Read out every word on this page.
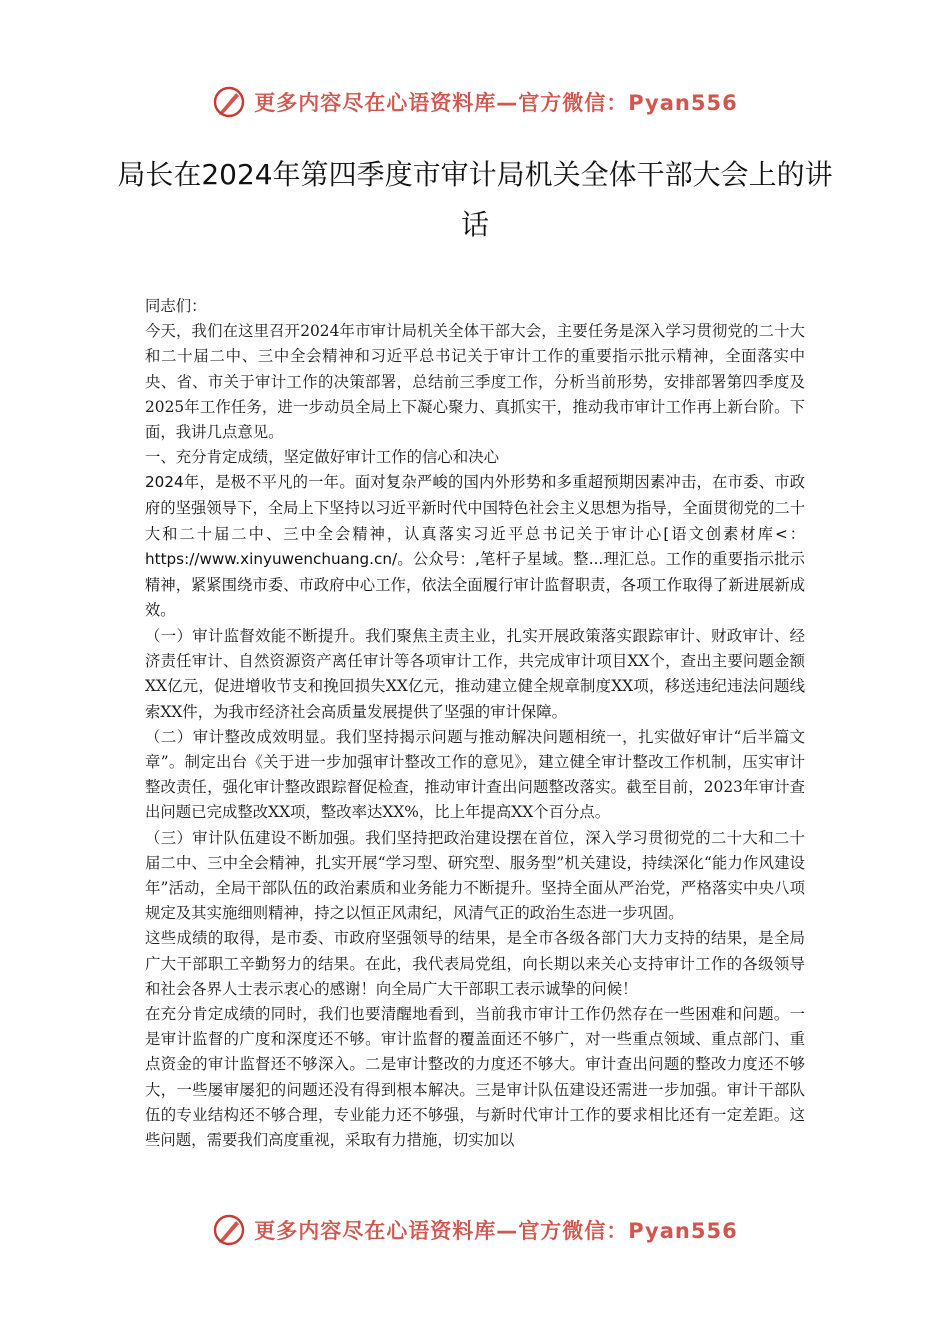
更多内容尽在心语资料库—官方微信：Pyan556
局长在2024年第四季度市审计局机关全体干部大会上的讲话

同志们：

今天，我们在这里召开2024年市审计局机关全体干部大会，主要任务是深入学习贯彻党的二十大和二十届二中、三中全会精神和习近平总书记关于审计工作的重要指示批示精神，全面落实中央、省、市关于审计工作的决策部署，总结前三季度工作，分析当前形势，安排部署第四季度及2025年工作任务，进一步动员全局上下凝心聚力、真抓实干，推动我市审计工作再上新台阶。下面，我讲几点意见。

一、充分肯定成绩，坚定做好审计工作的信心和决心

2024年，是极不平凡的一年。面对复杂严峻的国内外形势和多重超预期因素冲击，在市委、市政府的坚强领导下，全局上下坚持以习近平新时代中国特色社会主义思想为指导，全面贯彻党的二十大和二十届二中、三中全会精神，认真落实习近平总书记关于审计心[语文创素材库<：https://www.xinyuwenchuang.cn/。公众号：,笔杆子星域。整...理汇总。工作的重要指示批示精神，紧紧围绕市委、市政府中心工作，依法全面履行审计监督职责，各项工作取得了新进展新成效。

（一）审计监督效能不断提升。我们聚焦主责主业，扎实开展政策落实跟踪审计、财政审计、经济责任审计、自然资源资产离任审计等各项审计工作，共完成审计项目XX个，查出主要问题金额XX亿元，促进增收节支和挽回损失XX亿元，推动建立健全规章制度XX项，移送违纪违法问题线索XX件，为我市经济社会高质量发展提供了坚强的审计保障。

（二）审计整改成效明显。我们坚持揭示问题与推动解决问题相统一，扎实做好审计“后半篇文章”。制定出台《关于进一步加强审计整改工作的意见》，建立健全审计整改工作机制，压实审计整改责任，强化审计整改跟踪督促检查，推动审计查出问题整改落实。截至目前，2023年审计查出问题已完成整改XX项，整改率达XX%，比上年提高XX个百分点。

（三）审计队伍建设不断加强。我们坚持把政治建设摆在首位，深入学习贯彻党的二十大和二十届二中、三中全会精神，扎实开展“学习型、研究型、服务型”机关建设，持续深化“能力作风建设年”活动，全局干部队伍的政治素质和业务能力不断提升。坚持全面从严治党，严格落实中央八项规定及其实施细则精神，持之以恒正风肃纪，风清气正的政治生态进一步巩固。

这些成绩的取得，是市委、市政府坚强领导的结果，是全市各级各部门大力支持的结果，是全局广大干部职工辛勤努力的结果。在此，我代表局党组，向长期以来关心支持审计工作的各级领导和社会各界人士表示衷心的感谢！向全局广大干部职工表示诚挚的问候！

在充分肯定成绩的同时，我们也要清醒地看到，当前我市审计工作仍然存在一些困难和问题。一是审计监督的广度和深度还不够。审计监督的覆盖面还不够广，对一些重点领域、重点部门、重点资金的审计监督还不够深入。二是审计整改的力度还不够大。审计查出问题的整改力度还不够大，一些屡审屡犯的问题还没有得到根本解决。三是审计队伍建设还需进一步加强。审计干部队伍的专业结构还不够合理，专业能力还不够强，与新时代审计工作的要求相比还有一定差距。这些问题，需要我们高度重视，采取有力措施，切实加以

更多内容尽在心语资料库—官方微信：Pyan556
